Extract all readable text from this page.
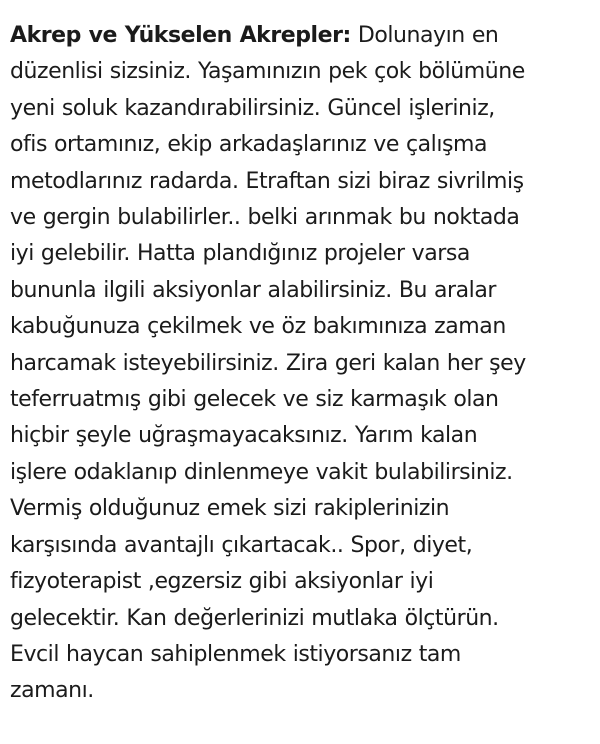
Akrep ve Yükselen Akrepler: Dolunayın en
düzenlisi sizsiniz. Yaşamınızın pek çok bölümüne
yeni soluk kazandırabilirsiniz. Güncel işleriniz,
ofis ortamınız, ekip arkadaşlarınız ve çalışma
metodlarınız radarda. Etraftan sizi biraz sivrilmiş
ve gergin bulabilirler.. belki arınmak bu noktada
iyi gelebilir. Hatta plandığınız projeler varsa
bununla ilgili aksiyonlar alabilirsiniz. Bu aralar
kabuğunuza çekilmek ve öz bakımınıza zaman
harcamak isteyebilirsiniz. Zira geri kalan her şey
teferruatmış gibi gelecek ve siz karmaşık olan
hiçbir şeyle uğraşmayacaksınız. Yarım kalan
işlere odaklanıp dinlenmeye vakit bulabilirsiniz.
Vermiş olduğunuz emek sizi rakiplerinizin
karşısında avantajlı çıkartacak.. Spor, diyet,
fizyoterapist ,egzersiz gibi aksiyonlar iyi
gelecektir. Kan değerlerinizi mutlaka ölçtürün.
Evcil haycan sahiplenmek istiyorsanız tam
zamanı.
